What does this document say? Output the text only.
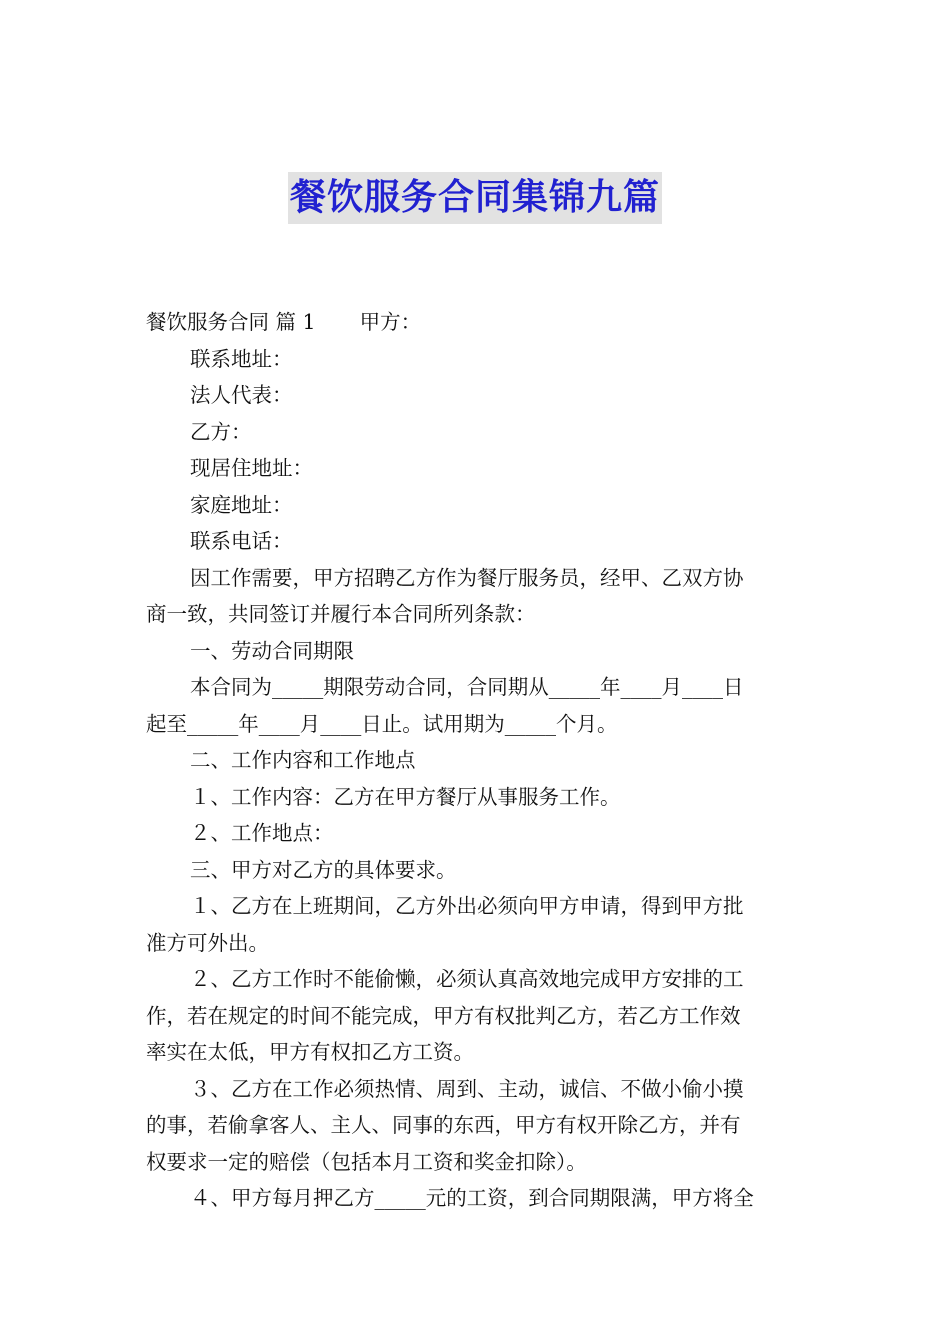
餐饮服务合同集锦九篇

餐饮服务合同 篇 1 甲方：

联系地址：

法人代表：

乙方：

现居住地址：

家庭地址：

联系电话：

因工作需要，甲方招聘乙方作为餐厅服务员，经甲、乙双方协

商一致，共同签订并履行本合同所列条款：

一、劳动合同期限

本合同为_____期限劳动合同，合同期从_____年____月____日

起至_____年____月____日止。试用期为_____个月。

二、工作内容和工作地点

１、工作内容：乙方在甲方餐厅从事服务工作。

２、工作地点：

三、甲方对乙方的具体要求。

１、乙方在上班期间，乙方外出必须向甲方申请，得到甲方批

准方可外出。

２、乙方工作时不能偷懒，必须认真高效地完成甲方安排的工

作，若在规定的时间不能完成，甲方有权批判乙方，若乙方工作效

率实在太低，甲方有权扣乙方工资。

３、乙方在工作必须热情、周到、主动，诚信、不做小偷小摸

的事，若偷拿客人、主人、同事的东西，甲方有权开除乙方，并有

权要求一定的赔偿（包括本月工资和奖金扣除）。

４、甲方每月押乙方_____元的工资，到合同期限满，甲方将全
